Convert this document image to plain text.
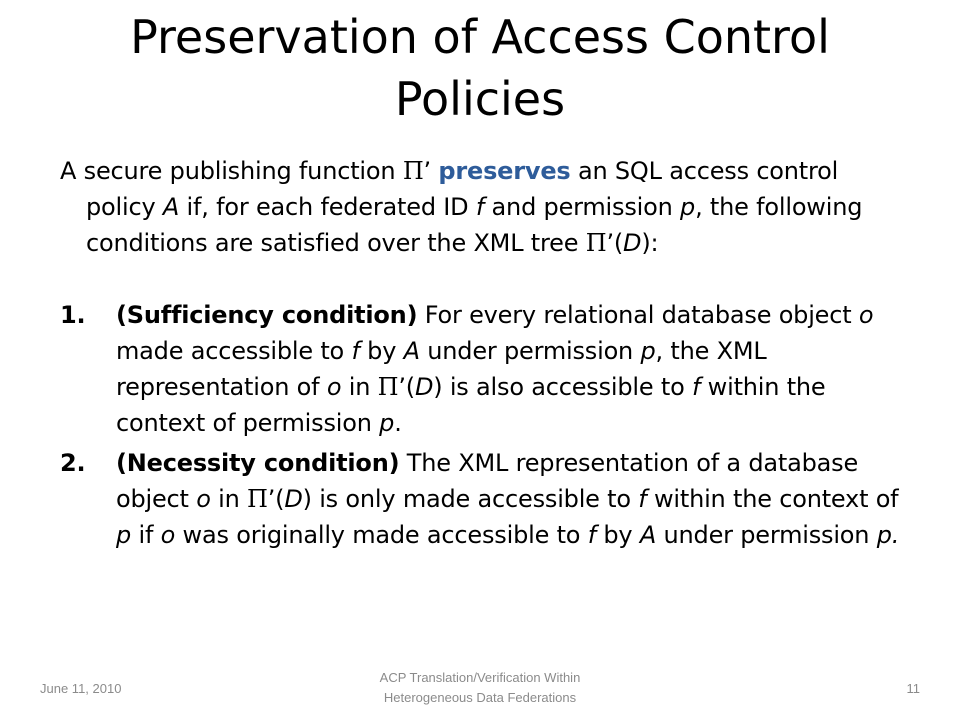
Preservation of Access Control
Policies

A secure publishing function Π’ preserves an SQL access control policy A if, for each federated ID f and permission p, the following conditions are satisfied over the XML tree Π’(D):

1. (Sufficiency condition) For every relational database object o made accessible to f by A under permission p, the XML representation of o in Π’(D) is also accessible to f within the context of permission p.
2. (Necessity condition) The XML representation of a database object o in Π’(D) is only made accessible to f within the context of p if o was originally made accessible to f by A under permission p.
June 11, 2010
ACP Translation/Verification Within
Heterogeneous Data Federations
11
